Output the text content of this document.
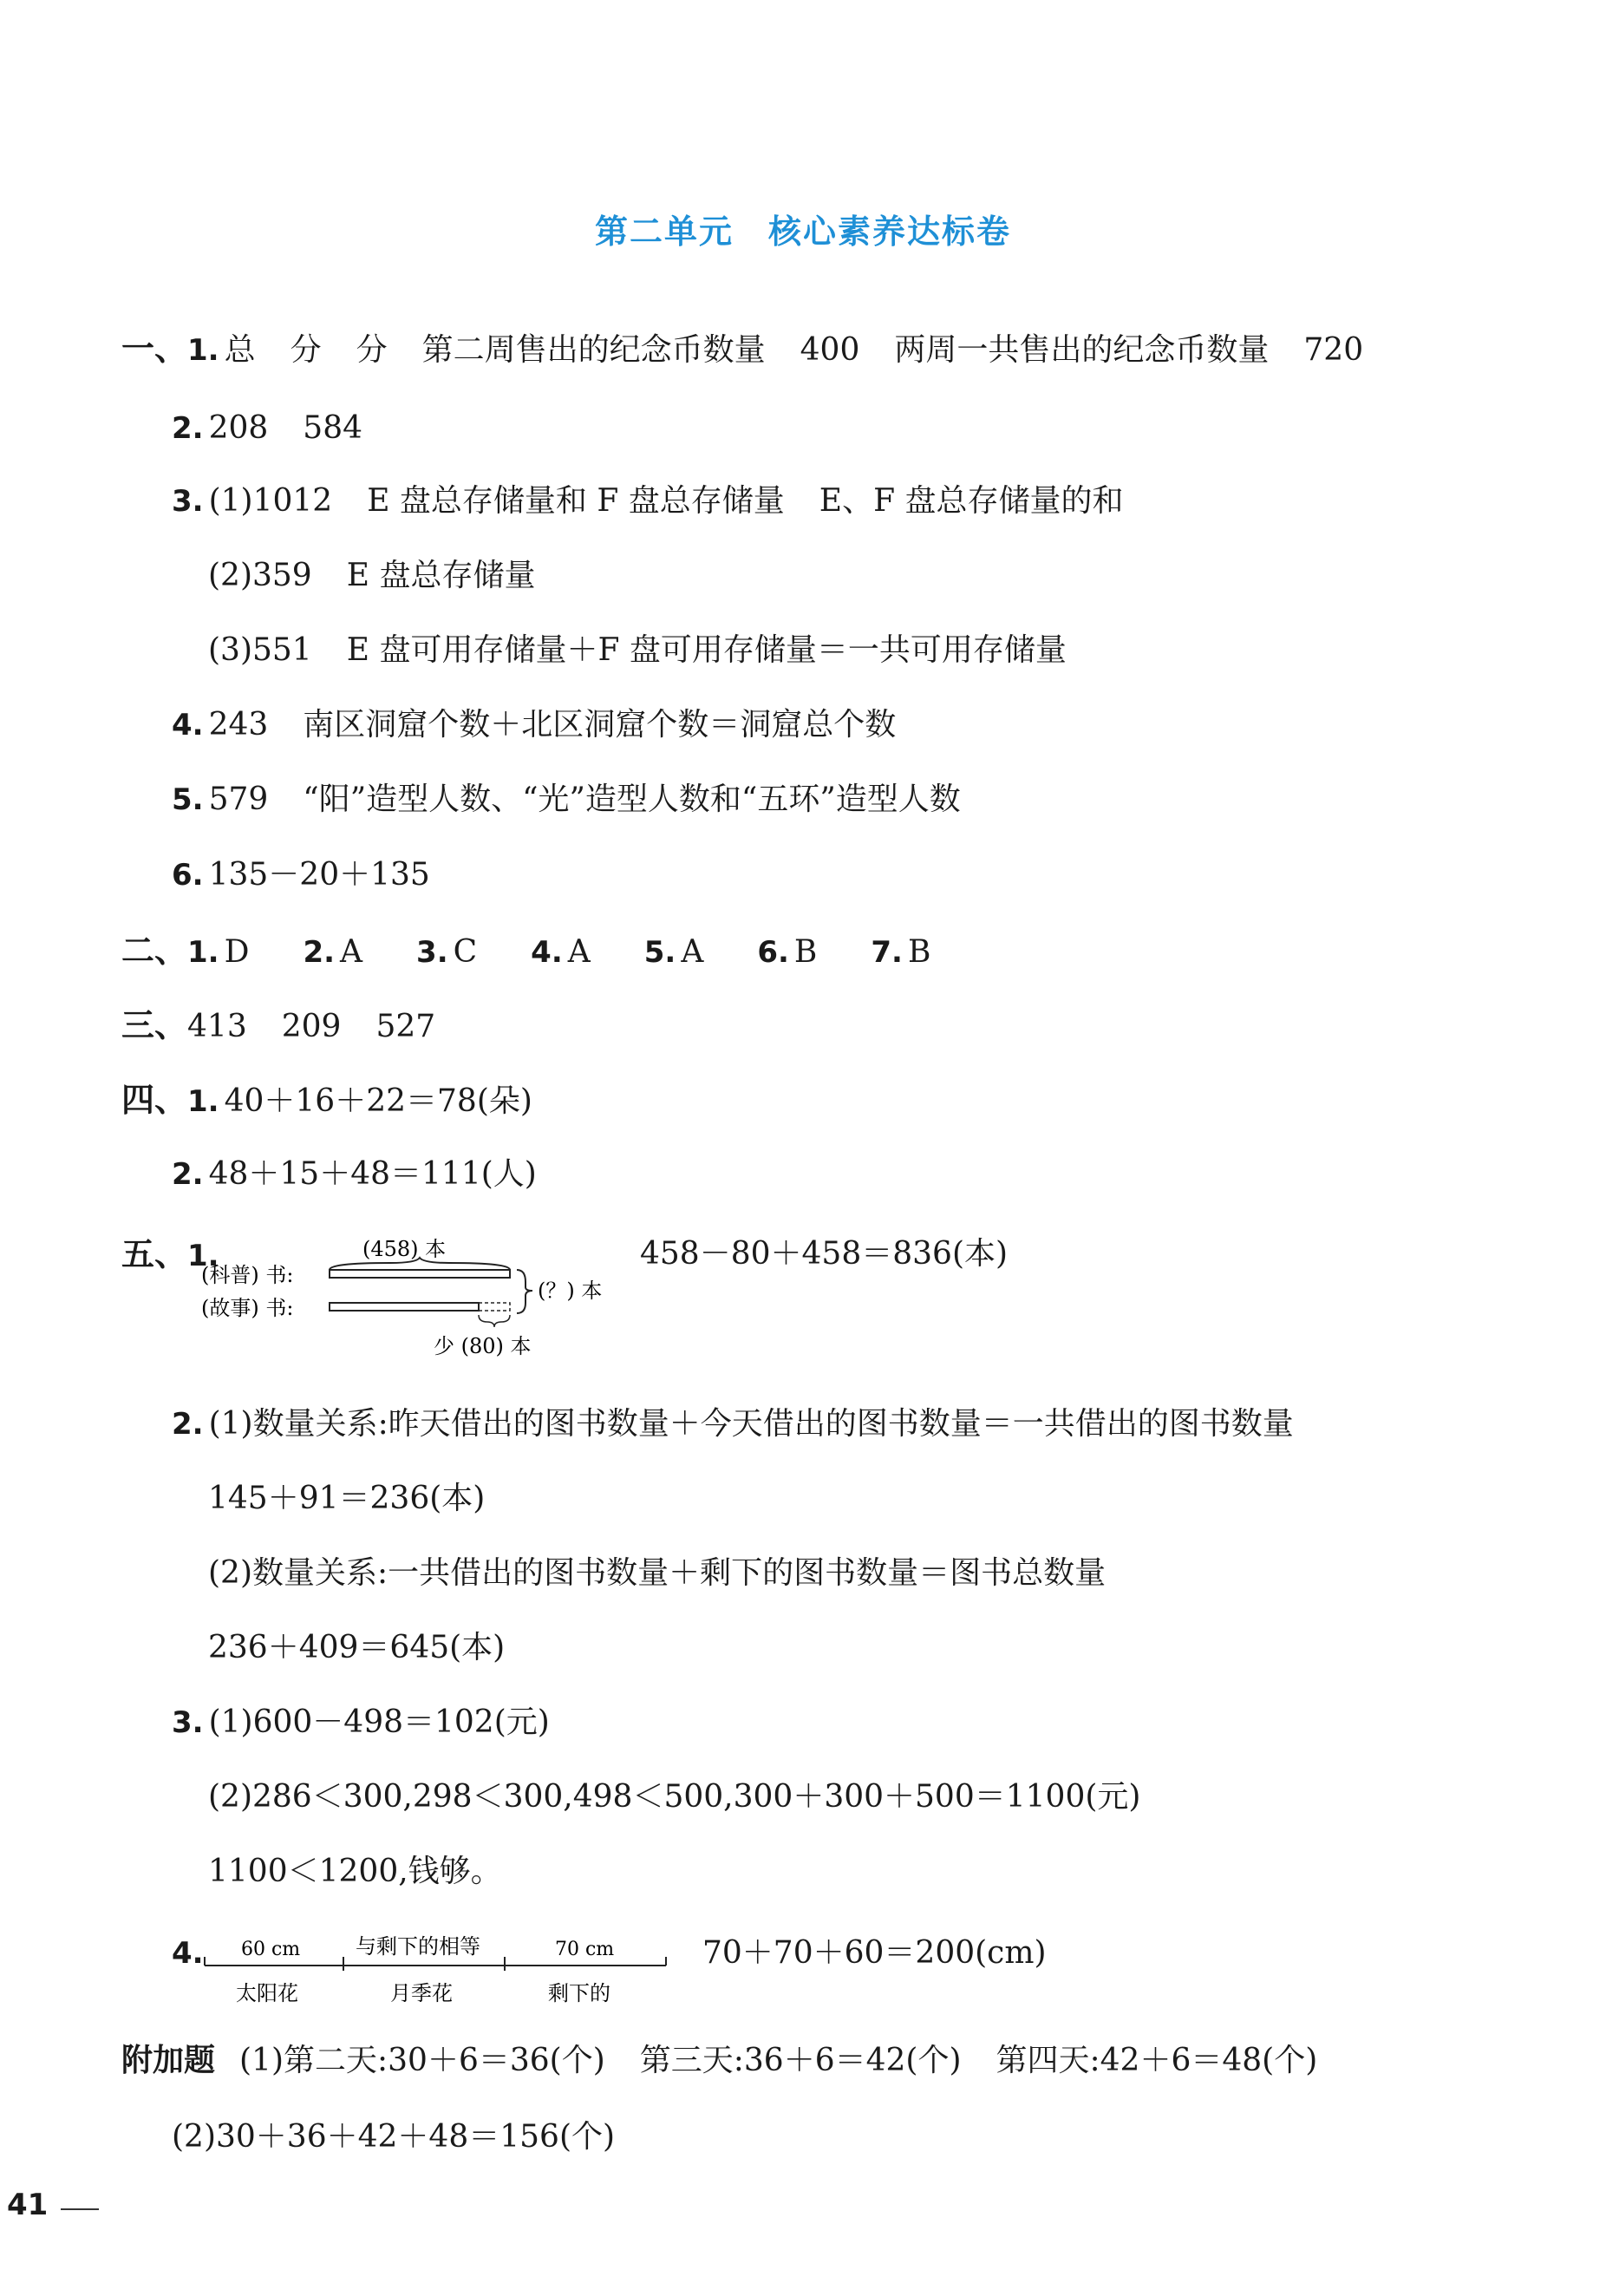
第二单元　核心素养达标卷
一、1. 总 分 分 第二周售出的纪念币数量 400 两周一共售出的纪念币数量 720
2. 208 584
3. (1)1012 E 盘总存储量和 F 盘总存储量 E、F 盘总存储量的和
(2)359 E 盘总存储量
(3)551 E 盘可用存储量＋F 盘可用存储量＝一共可用存储量
4. 243 南区洞窟个数＋北区洞窟个数＝洞窟总个数
5. 579 “阳”造型人数、“光”造型人数和“五环”造型人数
6. 135－20＋135
二、1. D 2. A 3. C 4. A 5. A 6. B 7. B
三、413 209 527
四、1. 40＋16＋22＝78(朵)
2. 48＋15＋48＝111(人)
五、1.	(458) 本
(科普) 书:
(故事) 书:
(？) 本
少 (80) 本
458－80＋458＝836(本)
2. (1)数量关系:昨天借出的图书数量＋今天借出的图书数量＝一共借出的图书数量
145＋91＝236(本)
(2)数量关系:一共借出的图书数量＋剩下的图书数量＝图书总数量
236＋409＝645(本)
3. (1)600－498＝102(元)
(2)286＜300,298＜300,498＜500,300＋300＋500＝1100(元)
1100＜1200,钱够。
4. 60 cm	与剩下的相等	70 cm
太阳花	月季花	剩下的
70＋70＋60＝200(cm)
附加题 (1)第二天:30＋6＝36(个) 第三天:36＋6＝42(个) 第四天:42＋6＝48(个)
(2)30＋36＋42＋48＝156(个)
41
